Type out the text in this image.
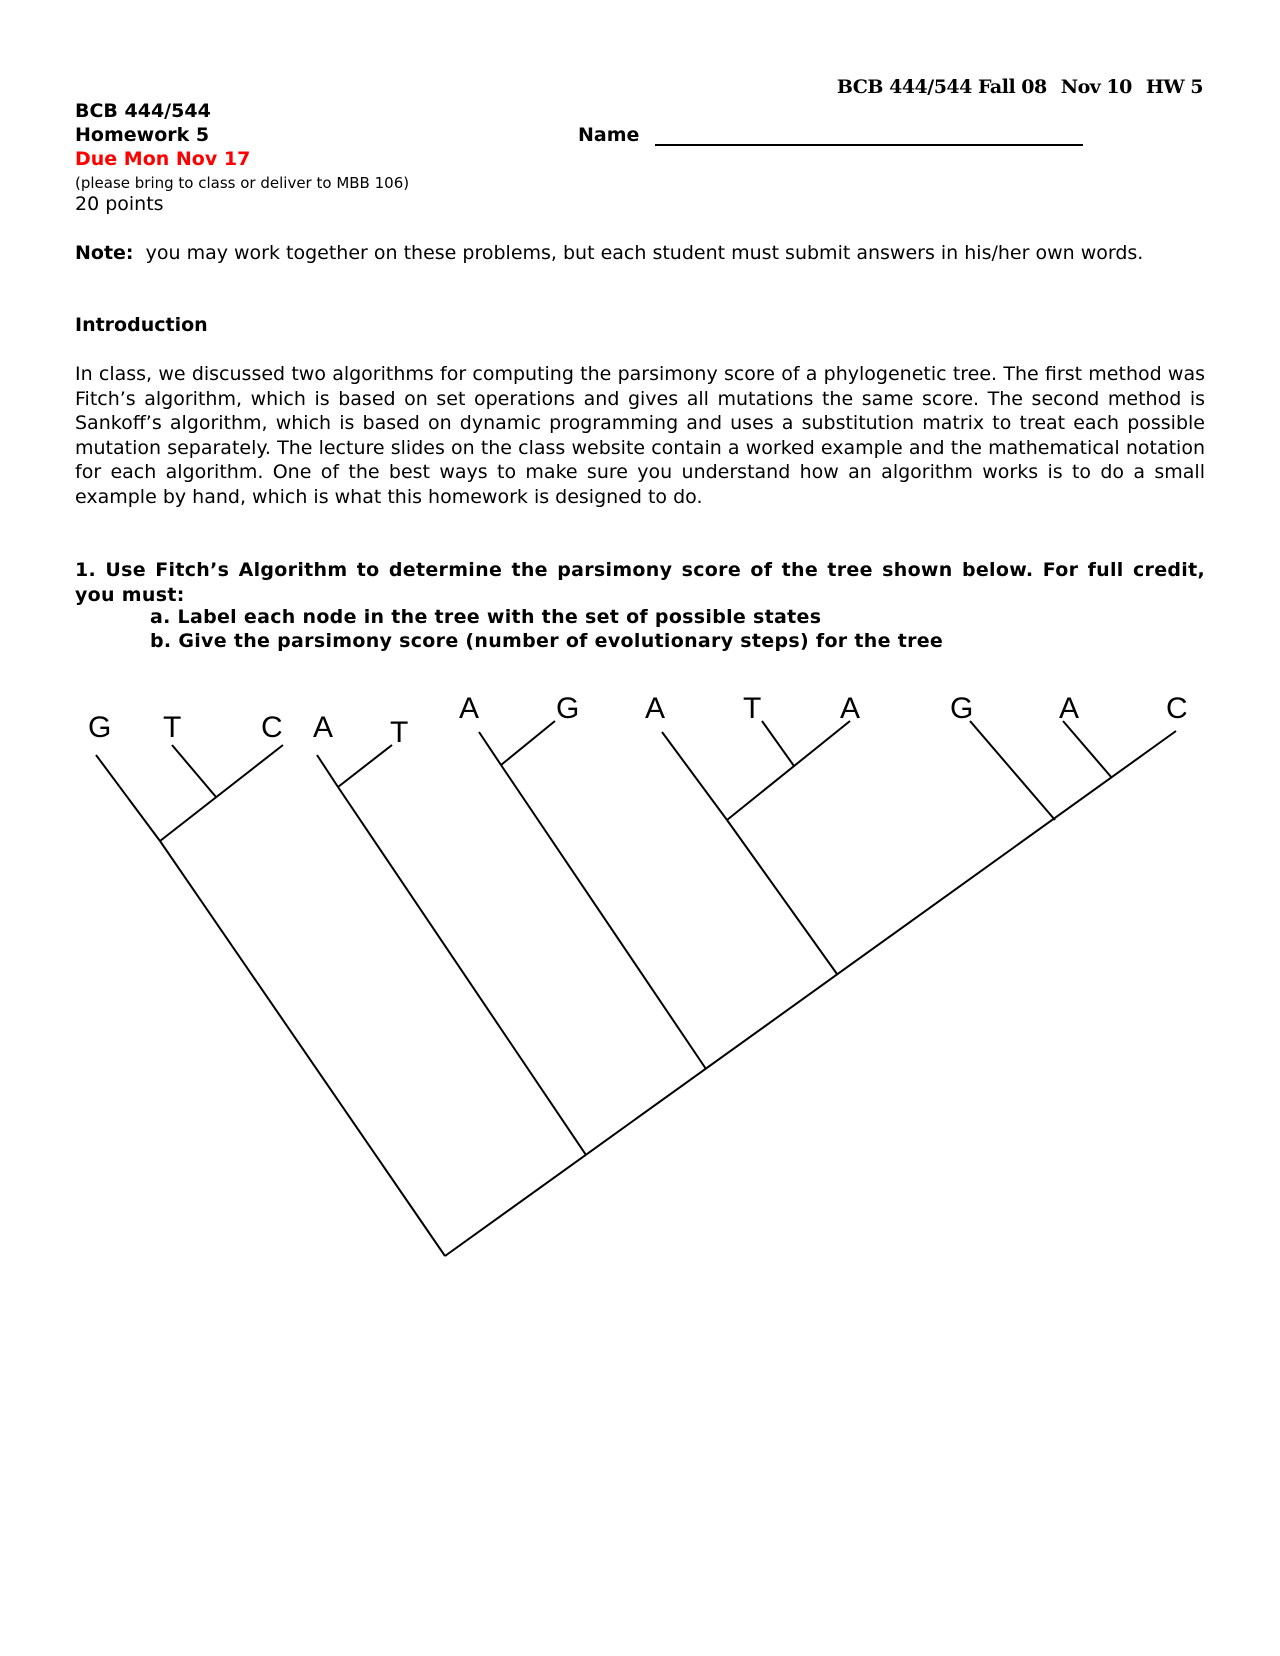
BCB 444/544 Fall 08 Nov 10 HW 5
BCB 444/544
Homework 5	Name
Due Mon Nov 17
(please bring to class or deliver to MBB 106)
20 points

Note: you may work together on these problems, but each student must submit answers in his/her own words.

Introduction

In class, we discussed two algorithms for computing the parsimony score of a phylogenetic tree. The first method was Fitch’s algorithm, which is based on set operations and gives all mutations the same score. The second method is Sankoff’s algorithm, which is based on dynamic programming and uses a substitution matrix to treat each possible mutation separately. The lecture slides on the class website contain a worked example and the mathematical notation for each algorithm. One of the best ways to make sure you understand how an algorithm works is to do a small example by hand, which is what this homework is designed to do.

1. Use Fitch’s Algorithm to determine the parsimony score of the tree shown below. For full credit, you must:

a. Label each node in the tree with the set of possible states
b. Give the parsimony score (number of evolutionary steps) for the tree
G T	C A T
A	G A	T	A	G	A	C
